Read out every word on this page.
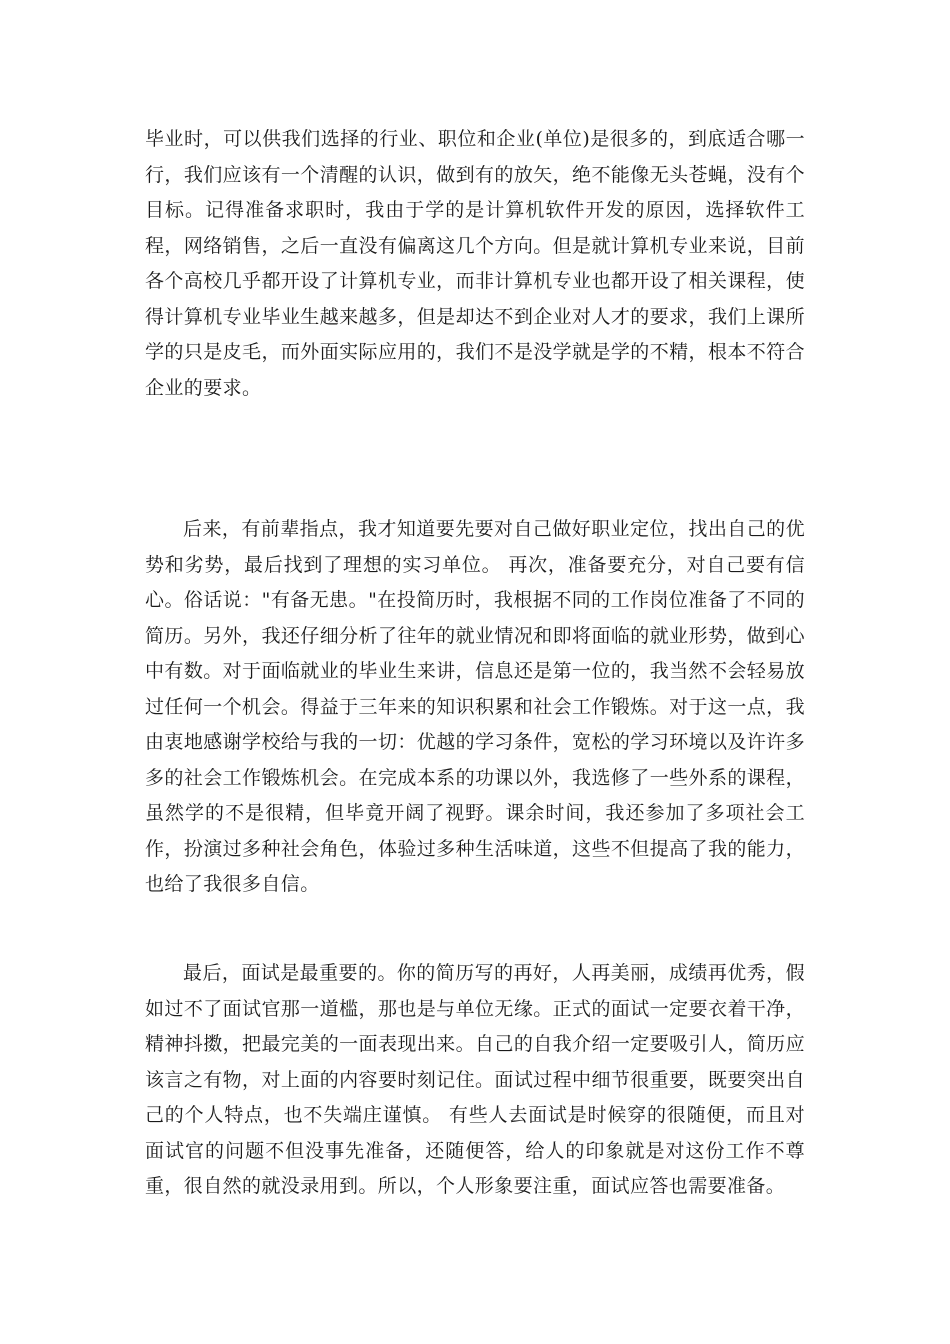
毕业时，可以供我们选择的行业、职位和企业(单位)是很多的，到底适合哪一行，我们应该有一个清醒的认识，做到有的放矢，绝不能像无头苍蝇，没有个目标。记得准备求职时，我由于学的是计算机软件开发的原因，选择软件工程，网络销售，之后一直没有偏离这几个方向。但是就计算机专业来说，目前各个高校几乎都开设了计算机专业，而非计算机专业也都开设了相关课程，使得计算机专业毕业生越来越多，但是却达不到企业对人才的要求，我们上课所学的只是皮毛，而外面实际应用的，我们不是没学就是学的不精，根本不符合企业的要求。

后来，有前辈指点，我才知道要先要对自己做好职业定位，找出自己的优势和劣势，最后找到了理想的实习单位。 再次，准备要充分，对自己要有信心。俗话说："有备无患。"在投简历时，我根据不同的工作岗位准备了不同的简历。另外，我还仔细分析了往年的就业情况和即将面临的就业形势，做到心中有数。对于面临就业的毕业生来讲，信息还是第一位的，我当然不会轻易放过任何一个机会。得益于三年来的知识积累和社会工作锻炼。对于这一点，我由衷地感谢学校给与我的一切：优越的学习条件，宽松的学习环境以及许许多多的社会工作锻炼机会。在完成本系的功课以外，我选修了一些外系的课程，虽然学的不是很精，但毕竟开阔了视野。课余时间，我还参加了多项社会工作，扮演过多种社会角色，体验过多种生活味道，这些不但提高了我的能力，也给了我很多自信。

最后，面试是最重要的。你的简历写的再好，人再美丽，成绩再优秀，假如过不了面试官那一道槛，那也是与单位无缘。正式的面试一定要衣着干净，精神抖擞，把最完美的一面表现出来。自己的自我介绍一定要吸引人，简历应该言之有物，对上面的内容要时刻记住。面试过程中细节很重要，既要突出自己的个人特点，也不失端庄谨慎。 有些人去面试是时候穿的很随便，而且对面试官的问题不但没事先准备，还随便答，给人的印象就是对这份工作不尊重，很自然的就没录用到。所以，个人形象要注重，面试应答也需要准备。
